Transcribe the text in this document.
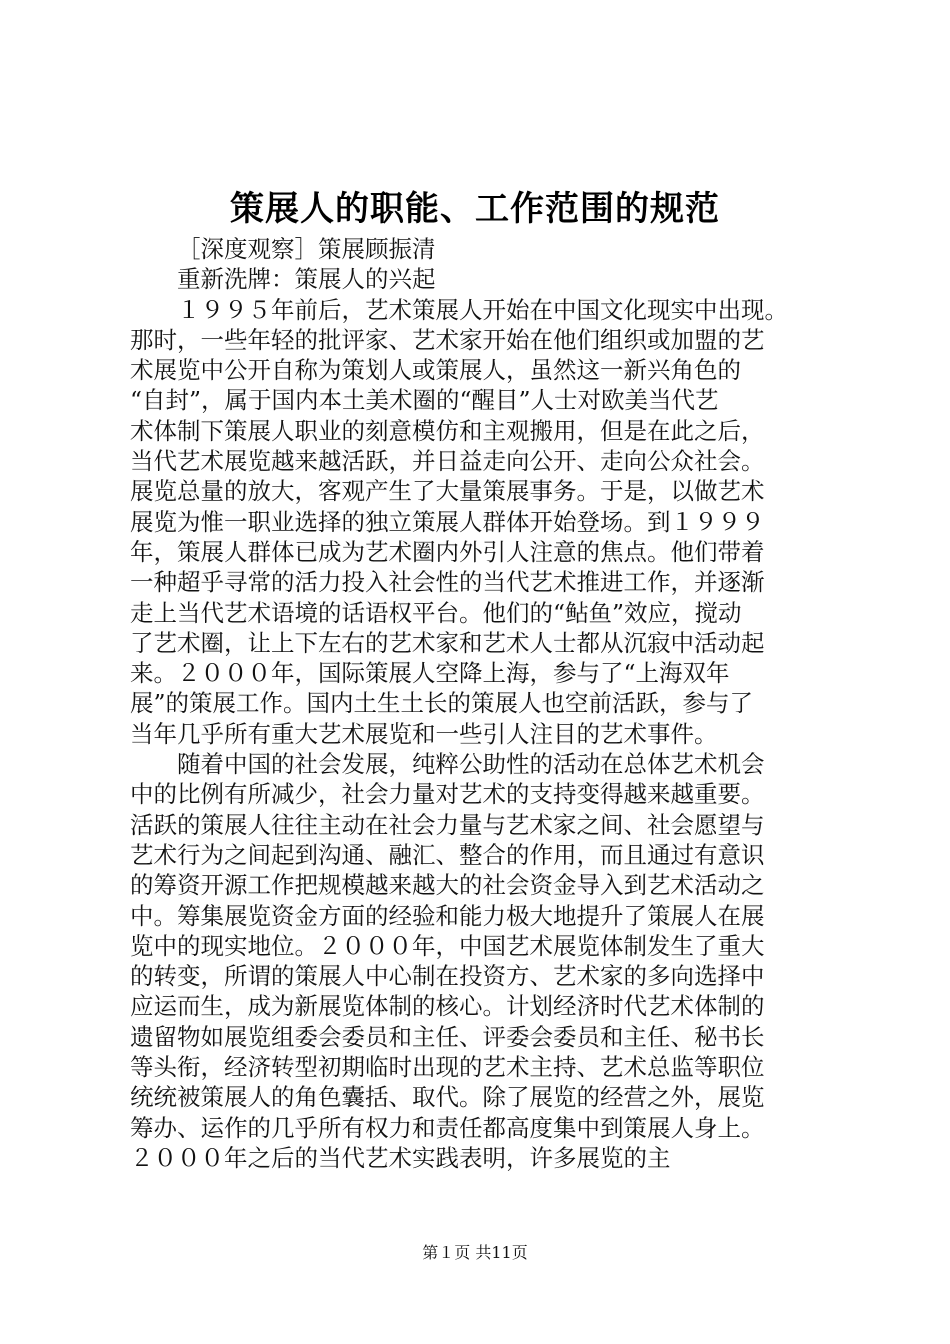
策展人的职能、工作范围的规范
［深度观察］策展顾振清
重新洗牌：策展人的兴起
１９９５年前后，艺术策展人开始在中国文化现实中出现。
那时，一些年轻的批评家、艺术家开始在他们组织或加盟的艺
术展览中公开自称为策划人或策展人，虽然这一新兴角色的
“自封”，属于国内本土美术圈的“醒目”人士对欧美当代艺
术体制下策展人职业的刻意模仿和主观搬用，但是在此之后，
当代艺术展览越来越活跃，并日益走向公开、走向公众社会。
展览总量的放大，客观产生了大量策展事务。于是，以做艺术
展览为惟一职业选择的独立策展人群体开始登场。到１９９９
年，策展人群体已成为艺术圈内外引人注意的焦点。他们带着
一种超乎寻常的活力投入社会性的当代艺术推进工作，并逐渐
走上当代艺术语境的话语权平台。他们的“鲇鱼”效应，搅动
了艺术圈，让上下左右的艺术家和艺术人士都从沉寂中活动起
来。２０００年，国际策展人空降上海，参与了“上海双年
展”的策展工作。国内土生土长的策展人也空前活跃，参与了
当年几乎所有重大艺术展览和一些引人注目的艺术事件。
随着中国的社会发展，纯粹公助性的活动在总体艺术机会
中的比例有所减少，社会力量对艺术的支持变得越来越重要。
活跃的策展人往往主动在社会力量与艺术家之间、社会愿望与
艺术行为之间起到沟通、融汇、整合的作用，而且通过有意识
的筹资开源工作把规模越来越大的社会资金导入到艺术活动之
中。筹集展览资金方面的经验和能力极大地提升了策展人在展
览中的现实地位。２０００年，中国艺术展览体制发生了重大
的转变，所谓的策展人中心制在投资方、艺术家的多向选择中
应运而生，成为新展览体制的核心。计划经济时代艺术体制的
遗留物如展览组委会委员和主任、评委会委员和主任、秘书长
等头衔，经济转型初期临时出现的艺术主持、艺术总监等职位
统统被策展人的角色囊括、取代。除了展览的经营之外，展览
筹办、运作的几乎所有权力和责任都高度集中到策展人身上。
２０００年之后的当代艺术实践表明，许多展览的主
第１页 共11页
